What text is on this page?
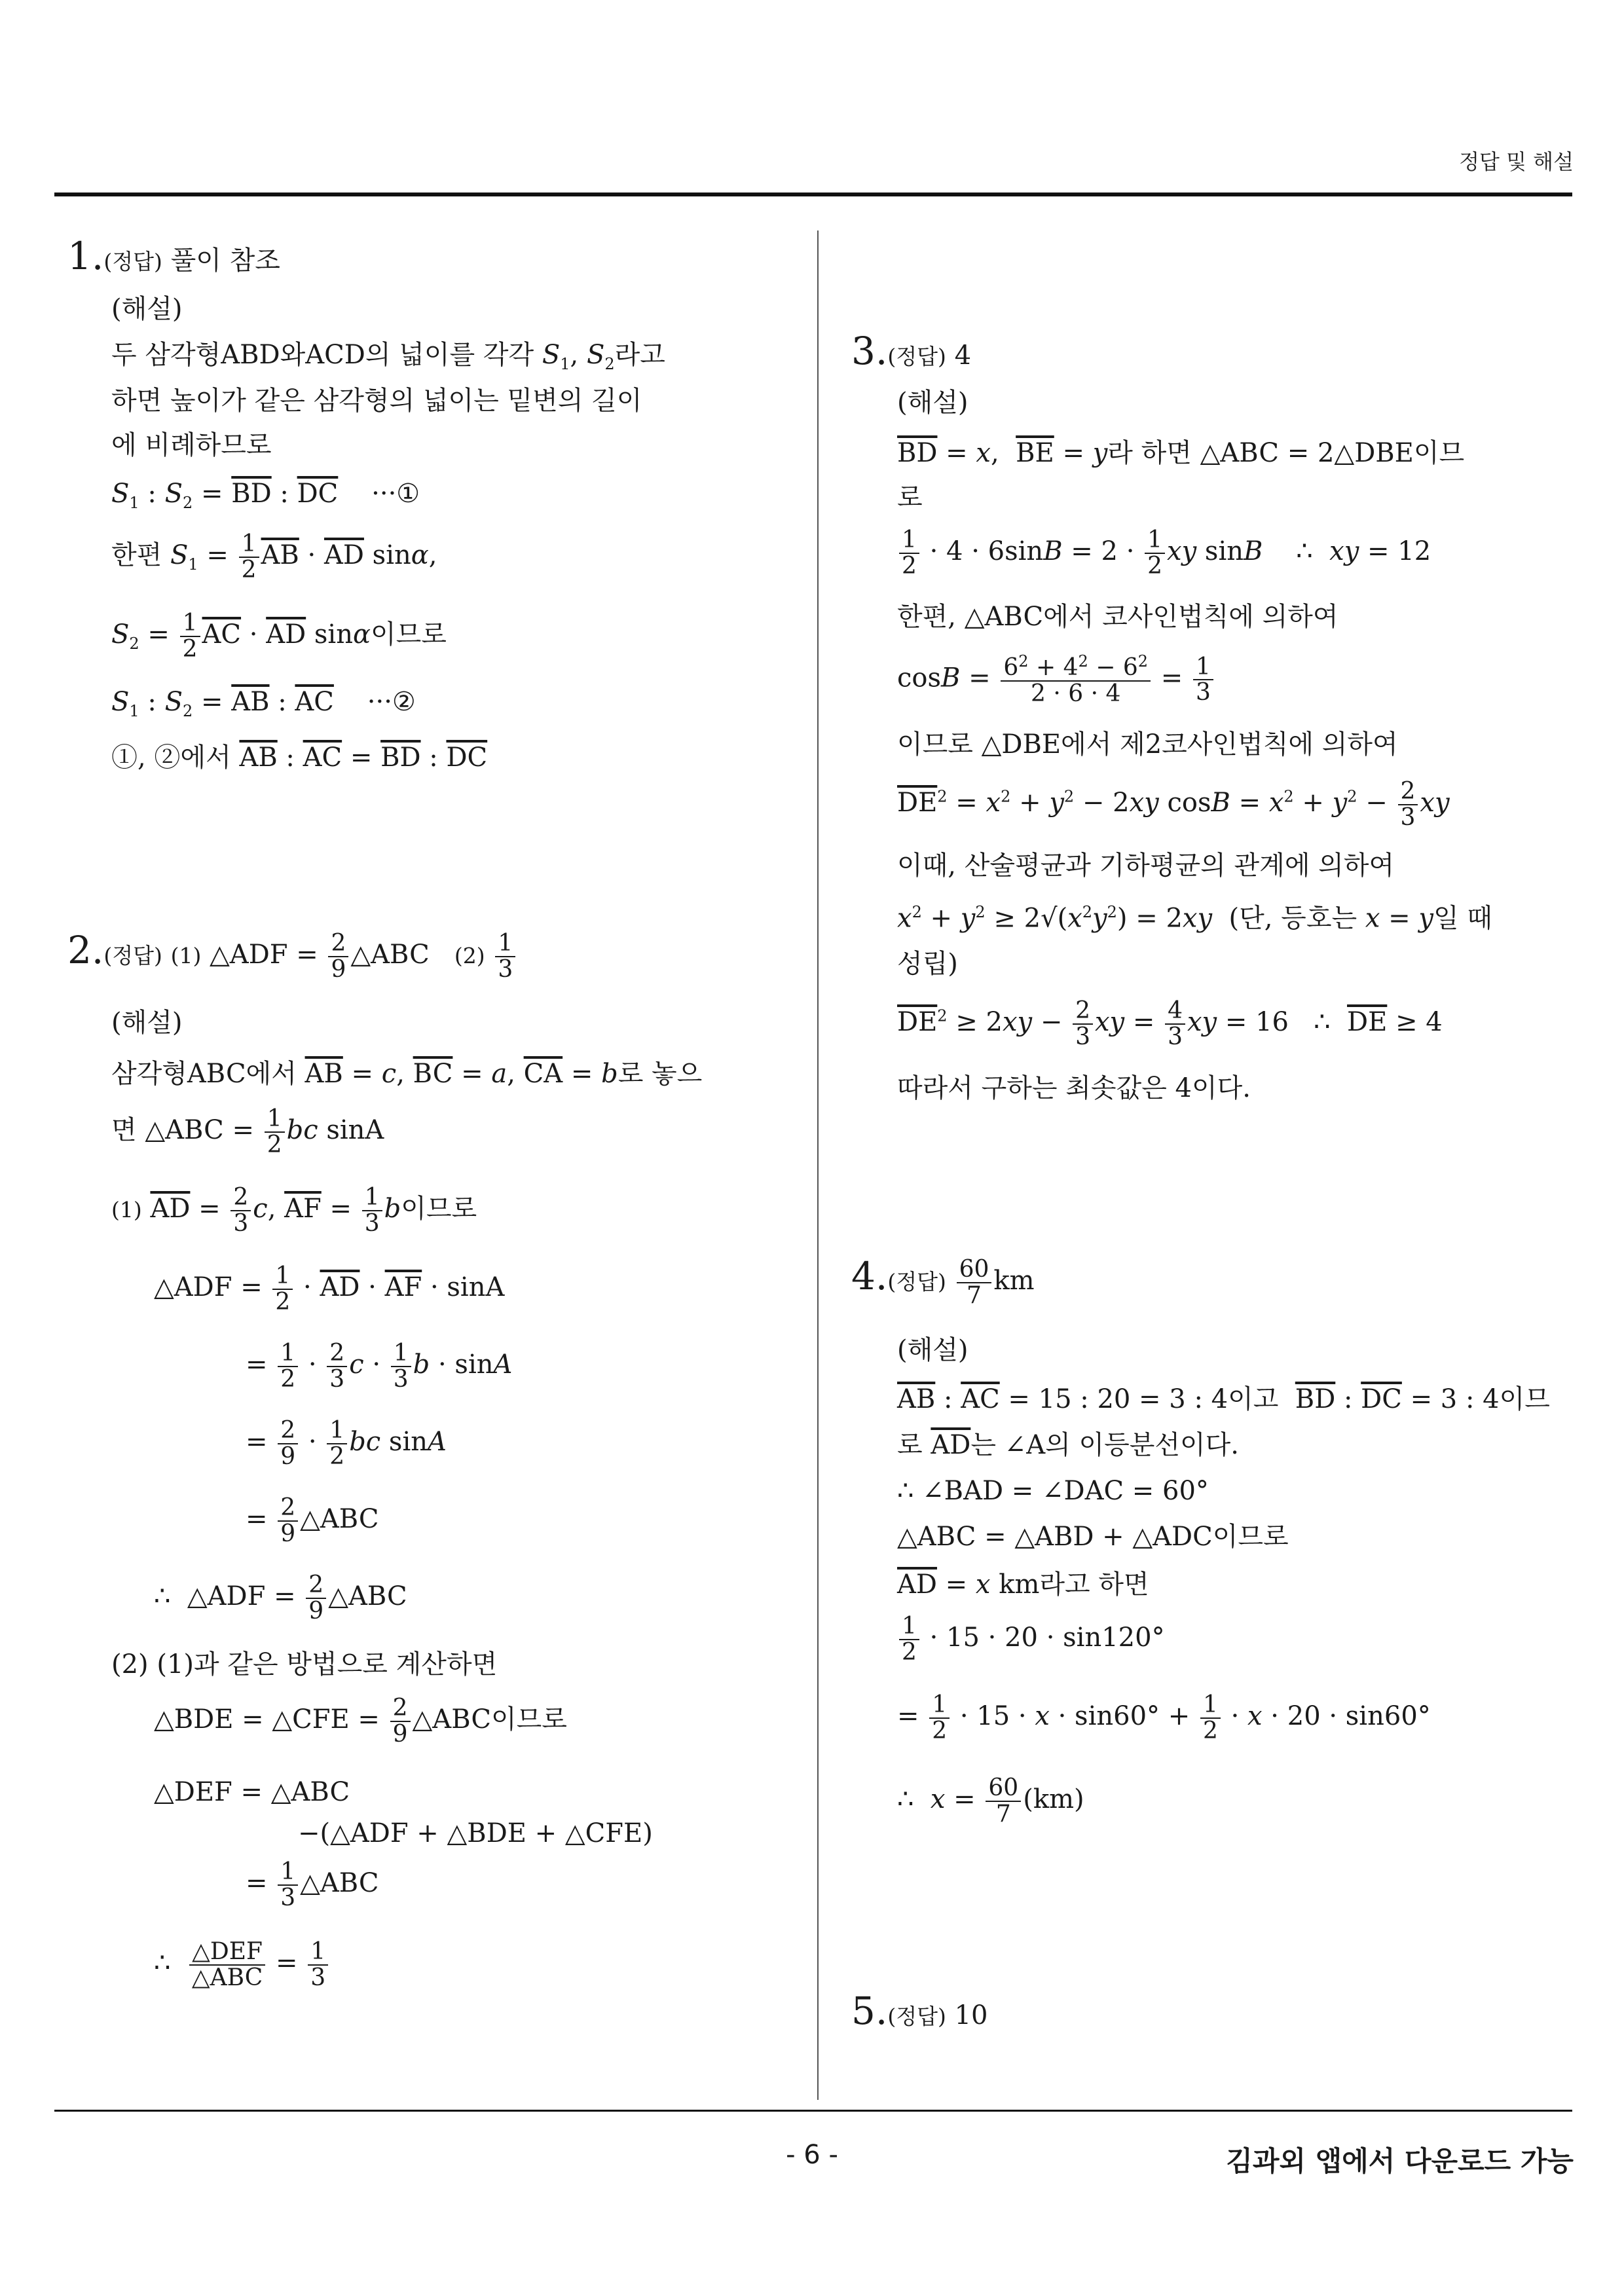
정답 및 해설
1.(정답) 풀이 참조
(해설)
두 삼각형ABD와ACD의 넓이를 각각 $S_1$, $S_2$라고
하면 높이가 같은 삼각형의 넓이는 밑변의 길이
에 비례하므로
$S_1$ : $S_2 = \overline{BD}$ : $\overline{DC}$    ···①
한편 $S_1 = \frac{1}{2} \overline{AB} \cdot \overline{AD}$ sinα,
$S_2 = \frac{1}{2} \overline{AC} \cdot \overline{AD}$ sinα이므로
$S_1$ : $S_2 = \overline{AB}$ : $\overline{AC}$    ···②
①, ②에서 $\overline{AB}$ : $\overline{AC} = \overline{BD}$ : $\overline{DC}$
2.(정답) (1) △ADF = $\frac{2}{9}$ △ABC   $(2) \frac{1}{3}$
(해설)
삼각형ABC에서 $\overline{AB} = c$, $\overline{BC} = a$, $\overline{CA} = b$로 놓으
면 △ABC = $\frac{1}{2}$ bc sinA
(1) $\overline{AD} = \frac{2}{3} c$, $\overline{AF} = \frac{1}{3}$ b이므로
△ADF = $\frac{1}{2} \cdot \overline{AD} \cdot \overline{AF} \cdot \sin A$
= $\frac{1}{2} \cdot \frac{2}{3}$ $c \cdot \frac{1}{3}$ b · sinA
= $\frac{2}{9} \cdot \frac{1}{2}$ bc sinA
= $\frac{2}{9}$ △ABC
∴  △ADF = $\frac{2}{9}$ △ABC
(2) (1)과 같은 방법으로 계산하면
△BDE = △CFE = $\frac{2}{9}$ △ABC이므로
△DEF = △ABC
−(△ADF + △BDE + △CFE)
= $\frac{1}{3}$ △ABC
∴ △DEF
△ABC = $\frac{1}{3}$
3.(정답) 4
(해설)
$\overline{BD} = x$,  $\overline{BE} = y$라 하면 △ABC = 2△DBE이므
로
$\frac{1}{2} \cdot 4 \cdot 6\sin B = 2 \cdot \frac{1}{2}$ xy sinB    ∴  xy = 12
한편, △ABC에서 코사인법칙에 의하여
$\cos B = \frac{6^2 + 4^2 - 6^2}{2 \cdot 6 \cdot 4} = \frac{1}{3}$
이므로 △DBE에서 제2코사인법칙에 의하여
$\overline{DE}^2 = x^2 + y^2 - 2xy$ $\cos B = x^2 + y^2 - \frac{2}{3}$ xy
이때, 산술평균과 기하평균의 관계에 의하여
$x^2 + y^2 \ge 2√(x^2y^2) = 2xy$  (단, 등호는 x = y일 때
성립)
$\overline{DE}^2 \ge 2xy - \frac{2}{3}$ xy = $\frac{4}{3}$ xy = 16   ∴  $\overline{DE} \ge 4$
따라서 구하는 최솟값은 4이다.
4.(정답) $\frac{60}{7}$ km
(해설)
$\overline{AB}$ : $\overline{AC} = 15$ : 20 = 3 : 4이고  $\overline{BD}$ : $\overline{DC} = 3$ : 4이므
로 $\overline{AD}$는 ∠A의 이등분선이다.
∴ ∠BAD = ∠DAC = 60°
△ABC = △ABD + △ADC이므로
$\overline{AD} = x$ km라고 하면
$\frac{1}{2} \cdot 15 \cdot 20 \cdot \sin 120^\circ$
= $\frac{1}{2} \cdot 15 \cdot x \cdot \sin 60^\circ + \frac{1}{2} \cdot x \cdot 20 \cdot \sin 60^\circ$
∴  $x = \frac{60}{7} (km)$
5.(정답) 10
- 6 -	김과외 앱에서 다운로드 가능
